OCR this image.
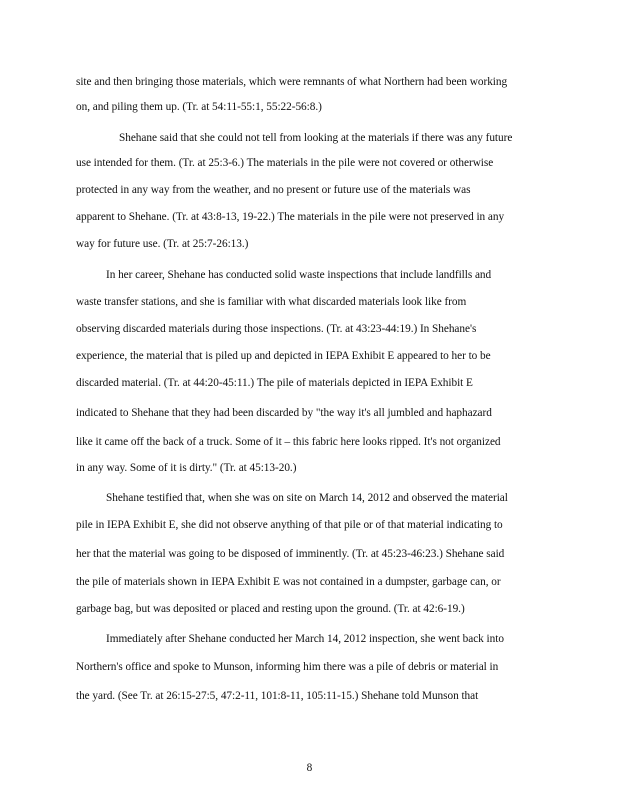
site and then bringing those materials, which were remnants of what Northern had been working
on, and piling them up. (Tr. at 54:11-55:1, 55:22-56:8.)
Shehane said that she could not tell from looking at the materials if there was any future
use intended for them. (Tr. at 25:3-6.) The materials in the pile were not covered or otherwise
protected in any way from the weather, and no present or future use of the materials was
apparent to Shehane. (Tr. at 43:8-13, 19-22.) The materials in the pile were not preserved in any
way for future use. (Tr. at 25:7-26:13.)
In her career, Shehane has conducted solid waste inspections that include landfills and
waste transfer stations, and she is familiar with what discarded materials look like from
observing discarded materials during those inspections. (Tr. at 43:23-44:19.) In Shehane's
experience, the material that is piled up and depicted in IEPA Exhibit E appeared to her to be
discarded material. (Tr. at 44:20-45:11.) The pile of materials depicted in IEPA Exhibit E
indicated to Shehane that they had been discarded by "the way it's all jumbled and haphazard
like it came off the back of a truck. Some of it – this fabric here looks ripped. It's not organized
in any way. Some of it is dirty." (Tr. at 45:13-20.)
Shehane testified that, when she was on site on March 14, 2012 and observed the material
pile in IEPA Exhibit E, she did not observe anything of that pile or of that material indicating to
her that the material was going to be disposed of imminently. (Tr. at 45:23-46:23.) Shehane said
the pile of materials shown in IEPA Exhibit E was not contained in a dumpster, garbage can, or
garbage bag, but was deposited or placed and resting upon the ground. (Tr. at 42:6-19.)
Immediately after Shehane conducted her March 14, 2012 inspection, she went back into
Northern's office and spoke to Munson, informing him there was a pile of debris or material in
the yard. (See Tr. at 26:15-27:5, 47:2-11, 101:8-11, 105:11-15.) Shehane told Munson that
8
